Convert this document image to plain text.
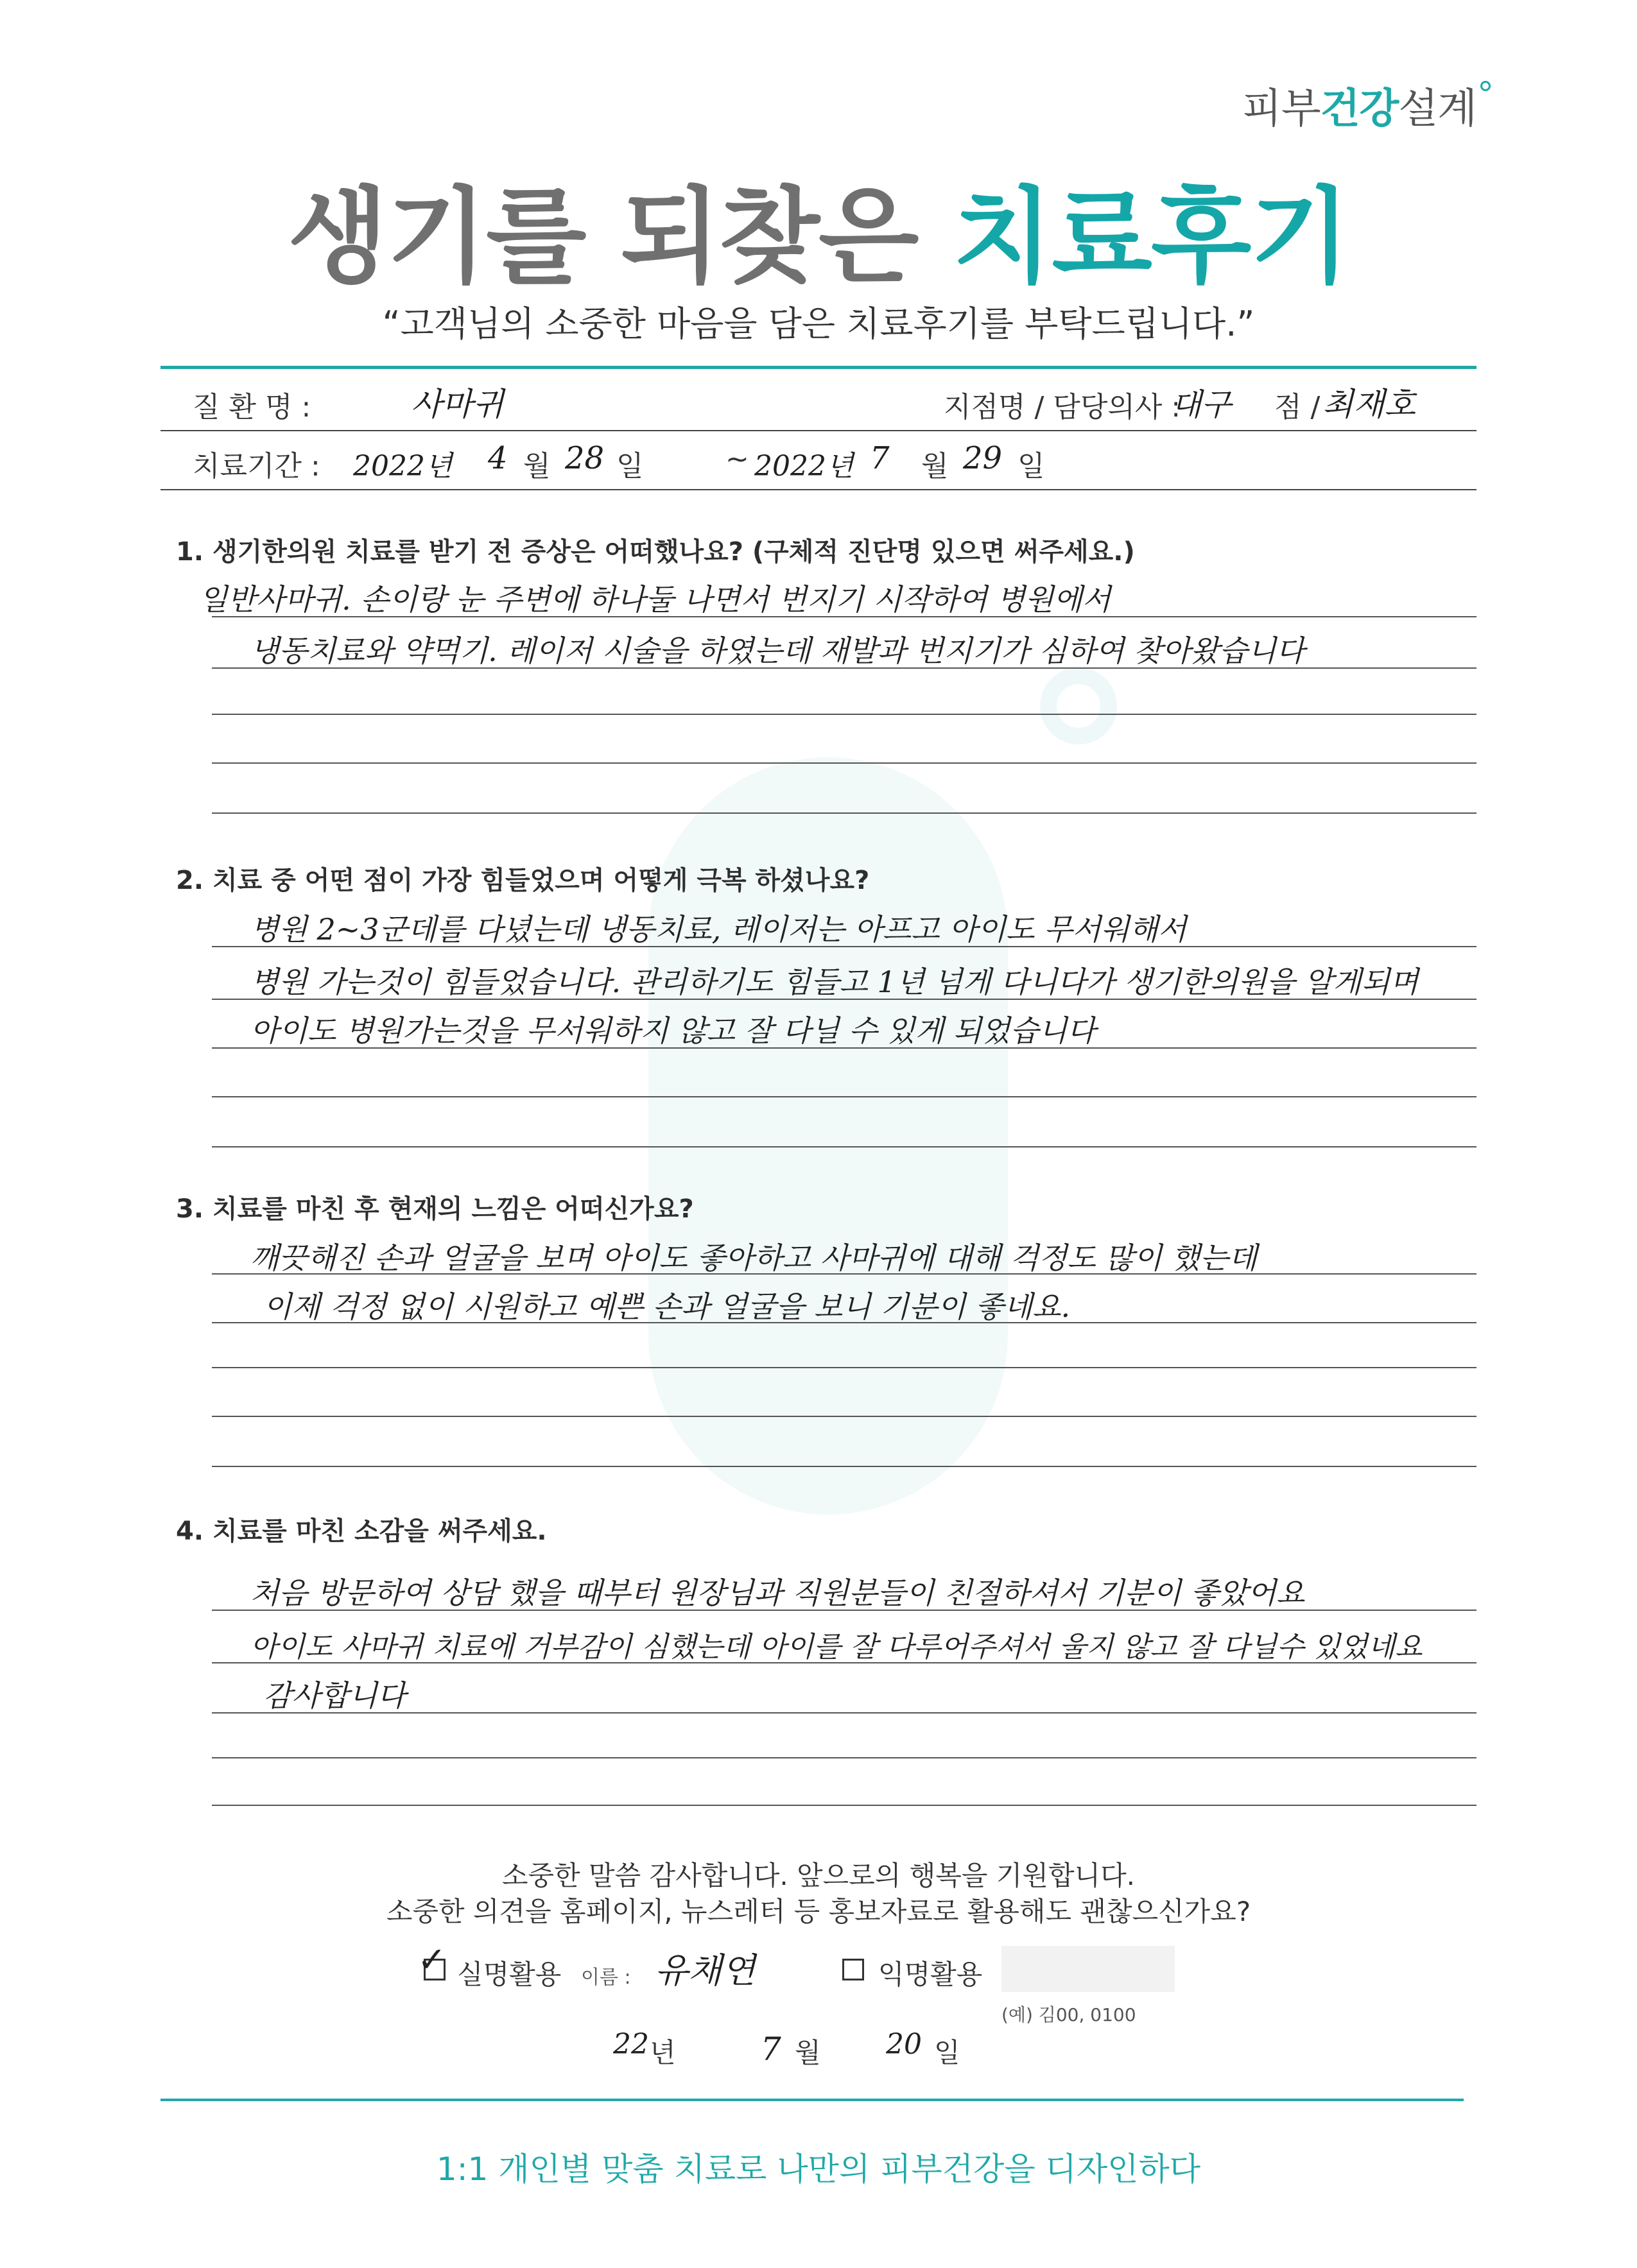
피부건강설계
생기를 되찾은 치료후기
“고객님의 소중한 마음을 담은 치료후기를 부탁드립니다.”
질 환 명 :	사마귀	지점명 / 담당의사 :
대구 점 / 최재호
치료기간 : 2022년 4 월 28 일	~ 2022년 7 월 29 일
1. 생기한의원 치료를 받기 전 증상은 어떠했나요? (구체적 진단명 있으면 써주세요.)
일반사마귀. 손이랑 눈 주변에 하나둘 나면서 번지기 시작하여 병원에서
냉동치료와 약먹기. 레이저 시술을 하였는데 재발과 번지기가 심하여 찾아왔습니다
2. 치료 중 어떤 점이 가장 힘들었으며 어떻게 극복 하셨나요?
병원 2~3군데를 다녔는데 냉동치료, 레이저는 아프고 아이도 무서워해서
병원 가는것이 힘들었습니다. 관리하기도 힘들고 1년 넘게 다니다가 생기한의원을 알게되며
아이도 병원가는것을 무서워하지 않고 잘 다닐 수 있게 되었습니다
3. 치료를 마친 후 현재의 느낌은 어떠신가요?
깨끗해진 손과 얼굴을 보며 아이도 좋아하고 사마귀에 대해 걱정도 많이 했는데
이제 걱정 없이 시원하고 예쁜 손과 얼굴을 보니 기분이 좋네요.
4. 치료를 마친 소감을 써주세요.
처음 방문하여 상담 했을 때부터 원장님과 직원분들이 친절하셔서 기분이 좋았어요
아이도 사마귀 치료에 거부감이 심했는데 아이를 잘 다루어주셔서 울지 않고 잘 다닐수 있었네요
감사합니다
소중한 말씀 감사합니다. 앞으로의 행복을 기원합니다.
소중한 의견을 홈페이지, 뉴스레터 등 홍보자료로 활용해도 괜찮으신가요?
✓ 실명활용 이름 : 유채연	익명활용
(예) 김00, 0100
22 년	7 월 20 일
1:1 개인별 맞춤 치료로 나만의 피부건강을 디자인하다
